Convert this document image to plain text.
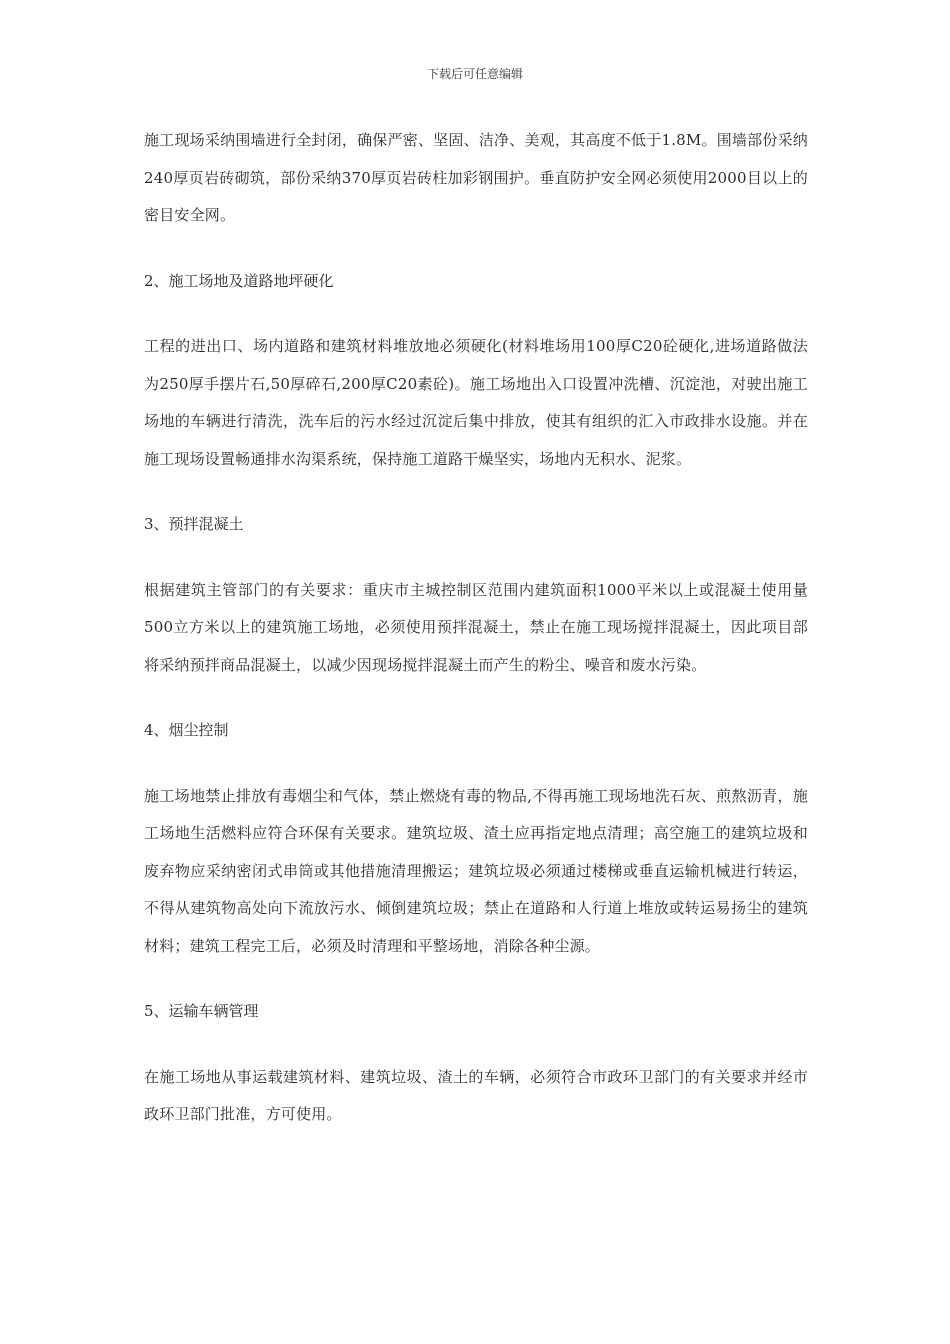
下载后可任意编辑

施工现场采纳围墙进行全封闭，确保严密、坚固、洁净、美观，其高度不低于1.8M。围墙部份采纳240厚页岩砖砌筑，部份采纳370厚页岩砖柱加彩钢围护。垂直防护安全网必须使用2000目以上的密目安全网。

2、施工场地及道路地坪硬化

工程的进出口、场内道路和建筑材料堆放地必须硬化(材料堆场用100厚C20砼硬化,进场道路做法为250厚手摆片石,50厚碎石,200厚C20素砼)。施工场地出入口设置冲洗槽、沉淀池，对驶出施工场地的车辆进行清洗，洗车后的污水经过沉淀后集中排放，使其有组织的汇入市政排水设施。并在施工现场设置畅通排水沟渠系统，保持施工道路干燥坚实，场地内无积水、泥浆。

3、预拌混凝土

根据建筑主管部门的有关要求：重庆市主城控制区范围内建筑面积1000平米以上或混凝土使用量500立方米以上的建筑施工场地，必须使用预拌混凝土，禁止在施工现场搅拌混凝土，因此项目部将采纳预拌商品混凝土，以减少因现场搅拌混凝土而产生的粉尘、噪音和废水污染。

4、烟尘控制

施工场地禁止排放有毒烟尘和气体，禁止燃烧有毒的物品,不得再施工现场地洗石灰、煎熬沥青，施工场地生活燃料应符合环保有关要求。建筑垃圾、渣土应再指定地点清理；高空施工的建筑垃圾和废弃物应采纳密闭式串筒或其他措施清理搬运；建筑垃圾必须通过楼梯或垂直运输机械进行转运，不得从建筑物高处向下流放污水、倾倒建筑垃圾；禁止在道路和人行道上堆放或转运易扬尘的建筑材料；建筑工程完工后，必须及时清理和平整场地，消除各种尘源。

5、运输车辆管理

在施工场地从事运载建筑材料、建筑垃圾、渣土的车辆，必须符合市政环卫部门的有关要求并经市政环卫部门批准，方可使用。
